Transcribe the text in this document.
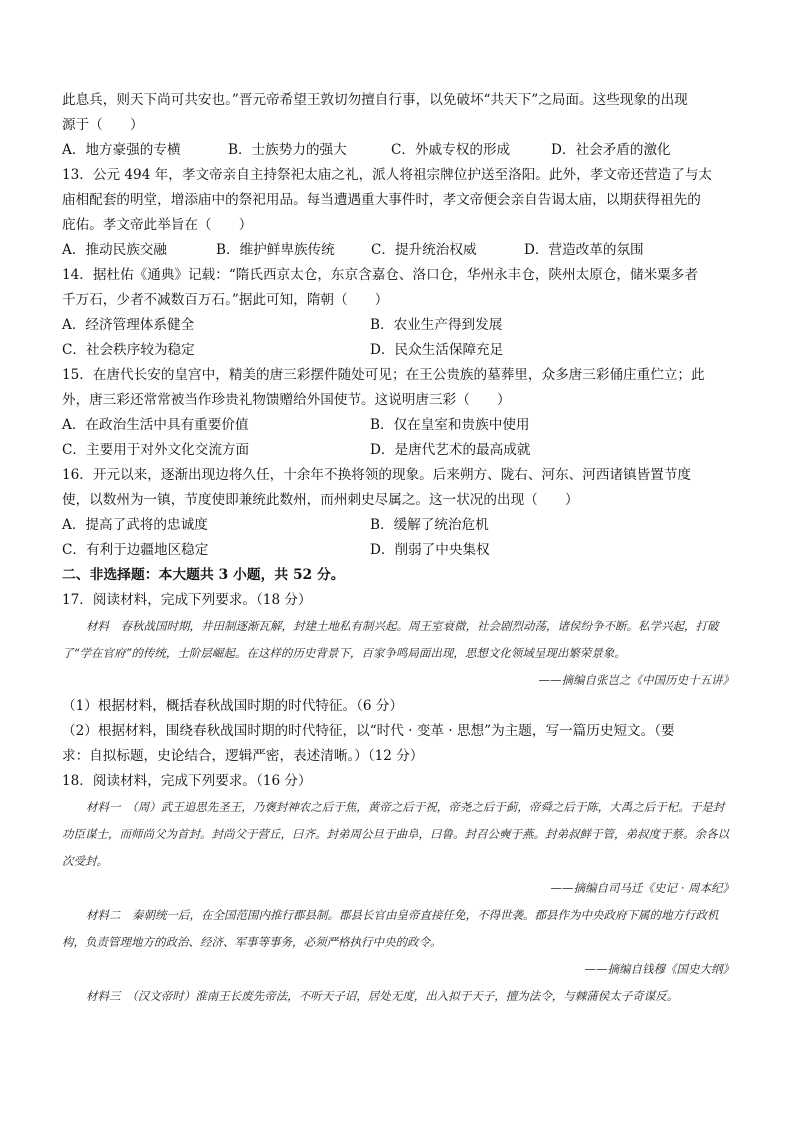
此息兵，则天下尚可共安也。”晋元帝希望王敦切勿擅自行事，以免破坏“共天下”之局面。这些现象的出现
源于（　　）
A．地方豪强的专横	B．士族势力的强大	C．外戚专权的形成	D．社会矛盾的激化
13．公元 494 年，孝文帝亲自主持祭祀太庙之礼，派人将祖宗牌位护送至洛阳。此外，孝文帝还营造了与太
庙相配套的明堂，增添庙中的祭祀用品。每当遭遇重大事件时，孝文帝便会亲自告谒太庙，以期获得祖先的
庇佑。孝文帝此举旨在（　　）
A．推动民族交融	B．维护鲜卑族传统	C．提升统治权威	D．营造改革的氛围
14．据杜佑《通典》记载：“隋氏西京太仓，东京含嘉仓、洛口仓，华州永丰仓，陕州太原仓，储米粟多者
千万石，少者不减数百万石。”据此可知，隋朝（　　）
A．经济管理体系健全	B．农业生产得到发展
C．社会秩序较为稳定	D．民众生活保障充足
15．在唐代长安的皇宫中，精美的唐三彩摆件随处可见；在王公贵族的墓葬里，众多唐三彩俑庄重伫立；此
外，唐三彩还常常被当作珍贵礼物馈赠给外国使节。这说明唐三彩（　　）
A．在政治生活中具有重要价值	B．仅在皇室和贵族中使用
C．主要用于对外文化交流方面	D．是唐代艺术的最高成就
16．开元以来，逐渐出现边将久任，十余年不换将领的现象。后来朔方、陇右、河东、河西诸镇皆置节度
使，以数州为一镇，节度使即兼统此数州，而州刺史尽属之。这一状况的出现（　　）
A．提高了武将的忠诚度	B．缓解了统治危机
C．有利于边疆地区稳定	D．削弱了中央集权
二、非选择题：本大题共 3 小题，共 52 分。
17．阅读材料，完成下列要求。（18 分）
材料　春秋战国时期，井田制逐渐瓦解，封建土地私有制兴起。周王室衰微，社会剧烈动荡，诸侯纷争不断。私学兴起，打破了“学在官府”的传统，士阶层崛起。在这样的历史背景下，百家争鸣局面出现，思想文化领域呈现出繁荣景象。
——摘编自张岂之《中国历史十五讲》
（1）根据材料，概括春秋战国时期的时代特征。（6 分）
（2）根据材料，围绕春秋战国时期的时代特征，以“时代 · 变革 · 思想”为主题，写一篇历史短文。（要
求：自拟标题，史论结合，逻辑严密，表述清晰。）（12 分）
18．阅读材料，完成下列要求。（16 分）
材料一　（周）武王追思先圣王，乃褒封神农之后于焦，黄帝之后于祝，帝尧之后于蓟，帝舜之后于陈，大禹之后于杞。于是封功臣谋士，而师尚父为首封。封尚父于营丘，曰齐。封弟周公旦于曲阜，曰鲁。封召公奭于燕。封弟叔鲜于管，弟叔度于蔡。余各以次受封。
——摘编自司马迁《史记 · 周本纪》
材料二　秦朝统一后，在全国范围内推行郡县制。郡县长官由皇帝直接任免，不得世袭。郡县作为中央政府下属的地方行政机构，负责管理地方的政治、经济、军事等事务，必须严格执行中央的政令。
——摘编自钱穆《国史大纲》
材料三　（汉文帝时）淮南王长废先帝法，不听天子诏，居处无度，出入拟于天子，擅为法令，与棘蒲侯太子奇谋反。
